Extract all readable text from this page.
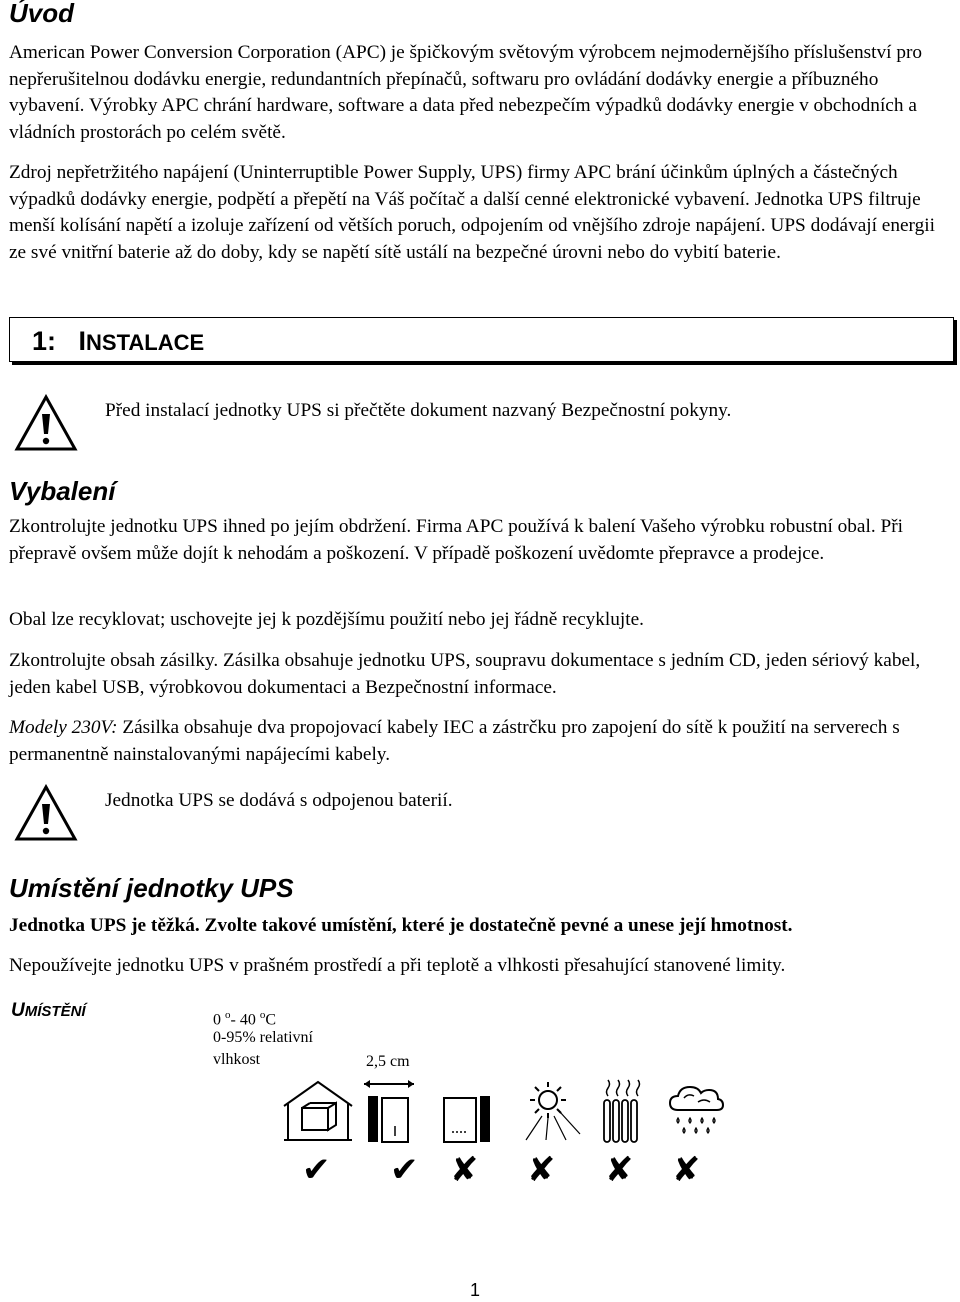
Úvod

American Power Conversion Corporation (APC) je špičkovým světovým výrobcem nejmodernějšího příslušenství pro nepřerušitelnou dodávku energie, redundantních přepínačů, softwaru pro ovládání dodávky energie a příbuzného vybavení. Výrobky APC chrání hardware, software a data před nebezpečím výpadků dodávky energie v obchodních a vládních prostorách po celém světě.

Zdroj nepřetržitého napájení (Uninterruptible Power Supply, UPS) firmy APC brání účinkům úplných a částečných výpadků dodávky energie, podpětí a přepětí na Váš počítač a další cenné elektronické vybavení. Jednotka UPS filtruje menší kolísání napětí a izoluje zařízení od větších poruch, odpojením od vnějšího zdroje napájení. UPS dodávají energii ze své vnitřní baterie až do doby, kdy se napětí sítě ustálí na bezpečné úrovni nebo do vybití baterie.

1: INSTALACE

Před instalací jednotky UPS si přečtěte dokument nazvaný Bezpečnostní pokyny.

Vybalení

Zkontrolujte jednotku UPS ihned po jejím obdržení. Firma APC používá k balení Vašeho výrobku robustní obal. Při přepravě ovšem může dojít k nehodám a poškození. V případě poškození uvědomte přepravce a prodejce.

Obal lze recyklovat; uschovejte jej k pozdějšímu použití nebo jej řádně recyklujte.

Zkontrolujte obsah zásilky. Zásilka obsahuje jednotku UPS, soupravu dokumentace s jedním CD, jeden sériový kabel, jeden kabel USB, výrobkovou dokumentaci a Bezpečnostní informace.

Modely 230V: Zásilka obsahuje dva propojovací kabely IEC a zástrčku pro zapojení do sítě k použití na serverech s permanentně nainstalovanými napájecími kabely.

Jednotka UPS se dodává s odpojenou baterií.

Umístění jednotky UPS

Jednotka UPS je těžká. Zvolte takové umístění, které je dostatečně pevné a unese její hmotnost.

Nepoužívejte jednotku UPS v prašném prostředí a při teplotě a vlhkosti přesahující stanovené limity.

UMÍSTĚNÍ	0 $^o$- 40 $^o$C

0-95% relativní

vlhkost	2,5 cm

✔ ✔ ✘ ✘ ✘ ✘

1
